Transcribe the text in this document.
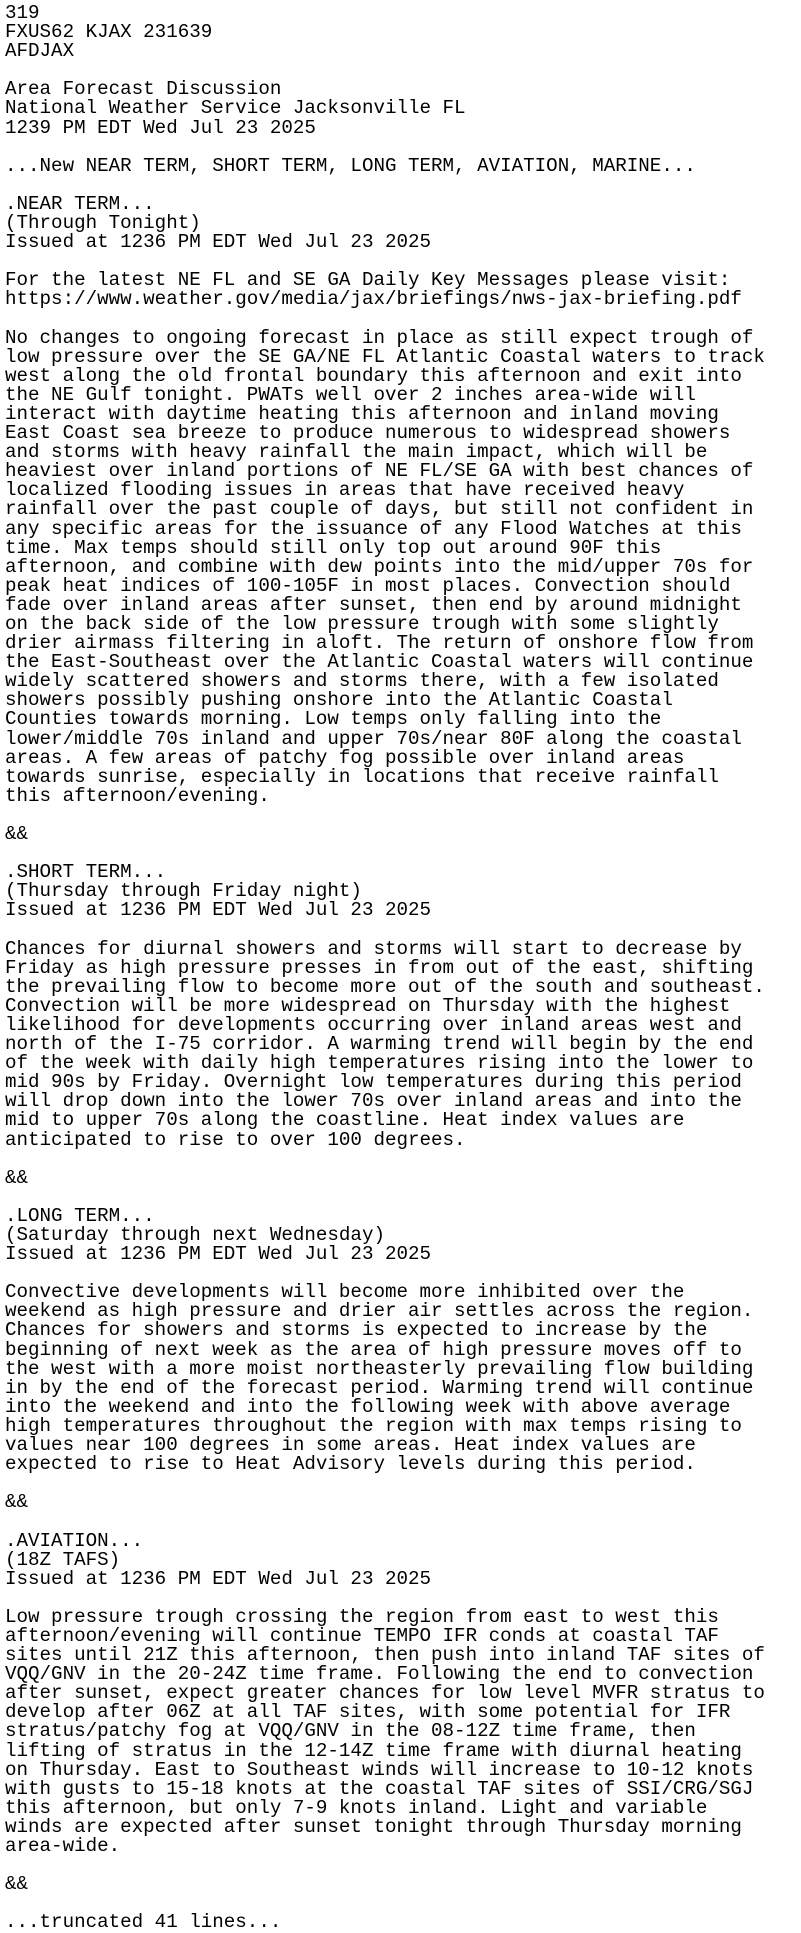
319
FXUS62 KJAX 231639
AFDJAX

Area Forecast Discussion
National Weather Service Jacksonville FL
1239 PM EDT Wed Jul 23 2025

...New NEAR TERM, SHORT TERM, LONG TERM, AVIATION, MARINE...

.NEAR TERM...
(Through Tonight)
Issued at 1236 PM EDT Wed Jul 23 2025

For the latest NE FL and SE GA Daily Key Messages please visit:
https://www.weather.gov/media/jax/briefings/nws-jax-briefing.pdf

No changes to ongoing forecast in place as still expect trough of
low pressure over the SE GA/NE FL Atlantic Coastal waters to track
west along the old frontal boundary this afternoon and exit into
the NE Gulf tonight. PWATs well over 2 inches area-wide will
interact with daytime heating this afternoon and inland moving
East Coast sea breeze to produce numerous to widespread showers
and storms with heavy rainfall the main impact, which will be
heaviest over inland portions of NE FL/SE GA with best chances of
localized flooding issues in areas that have received heavy
rainfall over the past couple of days, but still not confident in
any specific areas for the issuance of any Flood Watches at this
time. Max temps should still only top out around 90F this
afternoon, and combine with dew points into the mid/upper 70s for
peak heat indices of 100-105F in most places. Convection should
fade over inland areas after sunset, then end by around midnight
on the back side of the low pressure trough with some slightly
drier airmass filtering in aloft. The return of onshore flow from
the East-Southeast over the Atlantic Coastal waters will continue
widely scattered showers and storms there, with a few isolated
showers possibly pushing onshore into the Atlantic Coastal
Counties towards morning. Low temps only falling into the
lower/middle 70s inland and upper 70s/near 80F along the coastal
areas. A few areas of patchy fog possible over inland areas
towards sunrise, especially in locations that receive rainfall
this afternoon/evening.

&&

.SHORT TERM...
(Thursday through Friday night)
Issued at 1236 PM EDT Wed Jul 23 2025

Chances for diurnal showers and storms will start to decrease by
Friday as high pressure presses in from out of the east, shifting
the prevailing flow to become more out of the south and southeast.
Convection will be more widespread on Thursday with the highest
likelihood for developments occurring over inland areas west and
north of the I-75 corridor. A warming trend will begin by the end
of the week with daily high temperatures rising into the lower to
mid 90s by Friday. Overnight low temperatures during this period
will drop down into the lower 70s over inland areas and into the
mid to upper 70s along the coastline. Heat index values are
anticipated to rise to over 100 degrees.

&&

.LONG TERM...
(Saturday through next Wednesday)
Issued at 1236 PM EDT Wed Jul 23 2025

Convective developments will become more inhibited over the
weekend as high pressure and drier air settles across the region.
Chances for showers and storms is expected to increase by the
beginning of next week as the area of high pressure moves off to
the west with a more moist northeasterly prevailing flow building
in by the end of the forecast period. Warming trend will continue
into the weekend and into the following week with above average
high temperatures throughout the region with max temps rising to
values near 100 degrees in some areas. Heat index values are
expected to rise to Heat Advisory levels during this period.

&&

.AVIATION...
(18Z TAFS)
Issued at 1236 PM EDT Wed Jul 23 2025

Low pressure trough crossing the region from east to west this
afternoon/evening will continue TEMPO IFR conds at coastal TAF
sites until 21Z this afternoon, then push into inland TAF sites of
VQQ/GNV in the 20-24Z time frame. Following the end to convection
after sunset, expect greater chances for low level MVFR stratus to
develop after 06Z at all TAF sites, with some potential for IFR
stratus/patchy fog at VQQ/GNV in the 08-12Z time frame, then
lifting of stratus in the 12-14Z time frame with diurnal heating
on Thursday. East to Southeast winds will increase to 10-12 knots
with gusts to 15-18 knots at the coastal TAF sites of SSI/CRG/SGJ
this afternoon, but only 7-9 knots inland. Light and variable
winds are expected after sunset tonight through Thursday morning
area-wide.

&&

...truncated 41 lines...
